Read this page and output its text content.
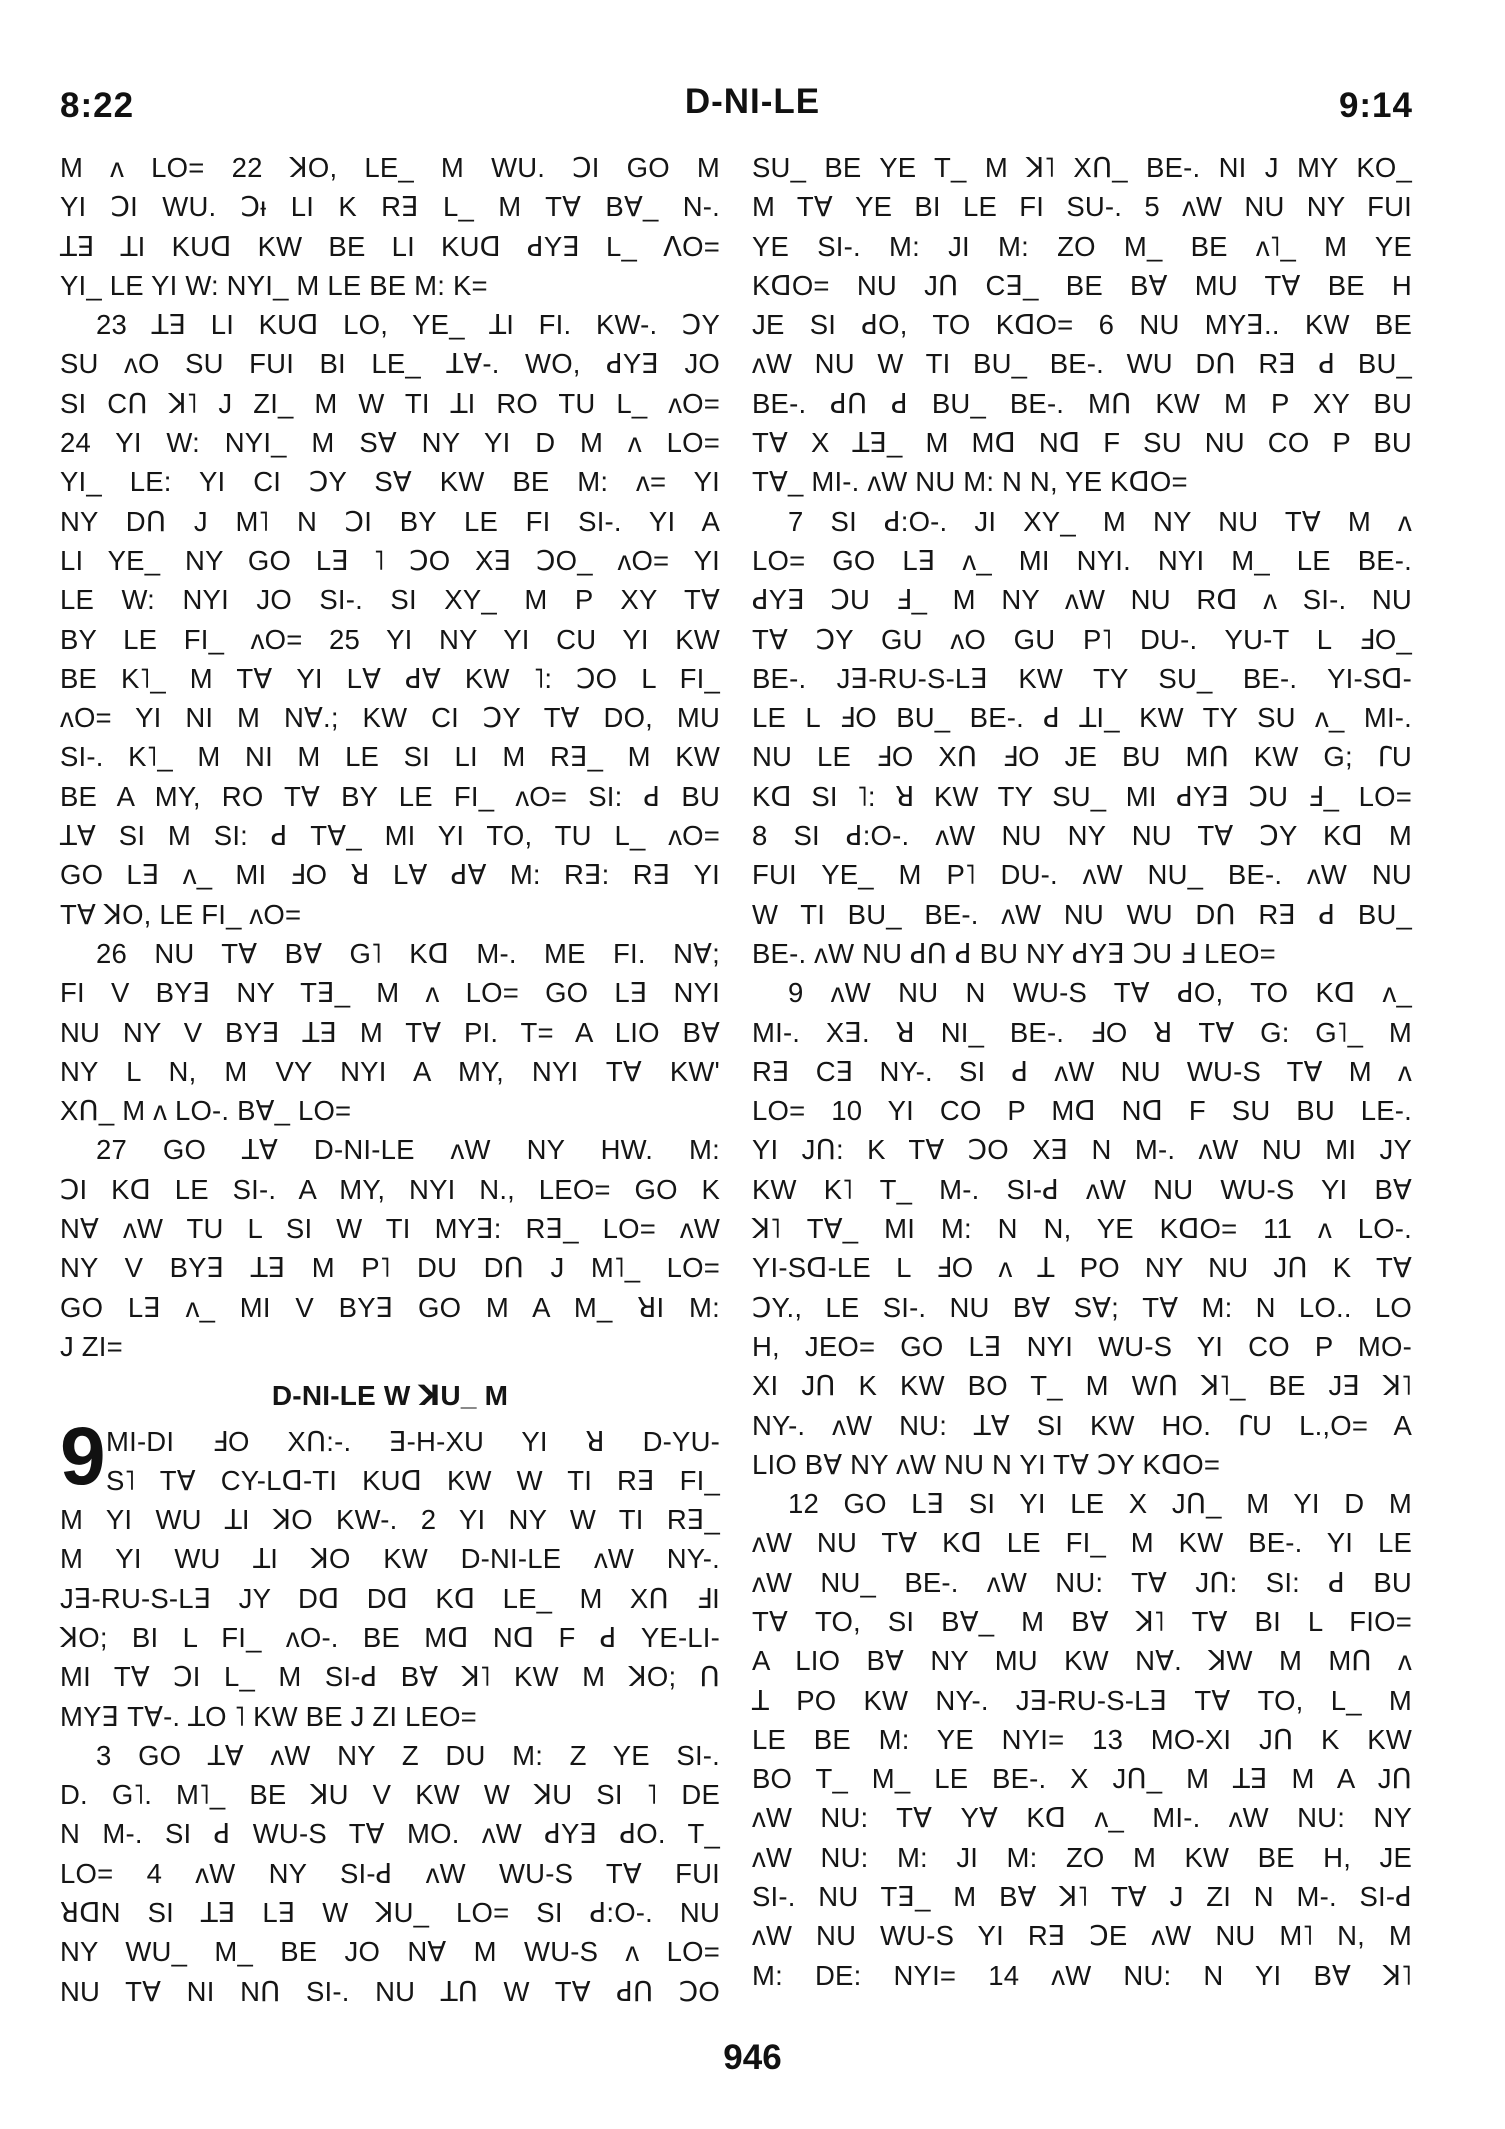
8:22	D-NI-LE	9:14
M ʌ LO= 22 ꓘO, LE_ M WU. ꓛI GO M
YI ꓛI WU. ꓛᵻ LI K Rꓱ L_ M Tꓯ Bꓯ_ N-.
ꓕꓱ ꓕI KUꓷ KW BE LI KUꓷ ꓒYꓱ L_ ꓥO=
YI_ LE YI W: NYI_ M LE BE M: K=
23 ꓕꓱ LI KUꓷ LO, YE_ ꓕI FI. KW-. ꓛY
SU ʌO SU FUI BI LE_ ꓕꓯ-. WO, ꓒYꓱ JO
SI Cꓵ ꓘ˥ J ZI_ M W TI ꓕI RO TU L_ ʌO=
24 YI W: NYI_ M Sꓯ NY YI D M ʌ LO=
YI_ LE: YI CI ꓛY Sꓯ KW BE M: ʌ= YI
NY Dꓵ J M˥ N ꓛI BY LE FI SI-. YI A
LI YE_ NY GO Lꓱ ˥ ꓛO Xꓱ ꓛO_ ʌO= YI
LE W: NYI JO SI-. SI XY_ M P XY Tꓯ
BY LE FI_ ʌO= 25 YI NY YI CU YI KW
BE K˥_ M Tꓯ YI Lꓯ ꓒꓯ KW ˥: ꓛO L FI_
ʌO= YI NI M Nꓯ.; KW CI ꓛY Tꓯ DO, MU
SI-. K˥_ M NI M LE SI LI M Rꓱ_ M KW
BE A MY, RO Tꓯ BY LE FI_ ʌO= SI: ꓒ BU
ꓕꓯ SI M SI: ꓒ Tꓯ_ MI YI TO, TU L_ ʌO=
GO Lꓱ ʌ_ MI ꓞO ꓤ Lꓯ ꓒꓯ M: Rꓱ: Rꓱ YI
Tꓯ ꓘO, LE FI_ ʌO=
26 NU Tꓯ Bꓯ G˥ Kꓷ M-. ME FI. Nꓯ;
FI V BYꓱ NY Tꓱ_ M ʌ LO= GO Lꓱ NYI
NU NY V BYꓱ ꓕꓱ M Tꓯ PI. T= A LIO Bꓯ
NY L N, M VY NYI A MY, NYI Tꓯ KW'
Xꓵ_ M ʌ LO-. Bꓯ_ LO=
27 GO ꓕꓯ D-NI-LE ʌW NY HW. M:
ꓛI Kꓷ LE SI-. A MY, NYI N., LEO= GO K
Nꓯ ʌW TU L SI W TI MYꓱ: Rꓱ_ LO= ʌW
NY V BYꓱ ꓕꓱ M P˥ DU Dꓵ J M˥_ LO=
GO Lꓱ ʌ_ MI V BYꓱ GO M A M_ ꓤI M:
J ZI=
D-NI-LE W ꓘU_ M
MI-DI ꓞO Xꓵ:-. ꓱ-H-XU YI ꓤ D-YU-
S˥ Tꓯ CY-Lꓷ-TI KUꓷ KW W TI Rꓱ FI_
M YI WU ꓕI ꓘO KW-. 2 YI NY W TI Rꓱ_
M YI WU ꓕI ꓘO KW D-NI-LE ʌW NY-.
Jꓱ-RU-S-Lꓱ JY Dꓷ Dꓷ Kꓷ LE_ M Xꓵ ꓞI
ꓘO; BI L FI_ ʌO-. BE Mꓷ Nꓷ F ꓒ YE-LI-
MI Tꓯ ꓛI L_ M SI-ꓒ Bꓯ ꓘ˥ KW M ꓘO; ꓵ
MYꓱ Tꓯ-. ꓕO ˥ KW BE J ZI LEO=
3 GO ꓕꓯ ʌW NY Z DU M: Z YE SI-.
D. G˥. M˥_ BE ꓘU V KW W ꓘU SI ˥ DE
N M-. SI ꓒ WU-S Tꓯ MO. ʌW ꓒYꓱ ꓒO. T_
LO= 4 ʌW NY SI-ꓒ ʌW WU-S Tꓯ FUI
ꓤꓷN SI ꓕꓱ Lꓱ W ꓘU_ LO= SI ꓒ:O-. NU
NY WU_ M_ BE JO Nꓯ M WU-S ʌ LO=
NU Tꓯ NI Nꓵ SI-. NU ꓕꓵ W Tꓯ ꓒꓵ ꓛO
SU_ BE YE T_ M ꓘ˥ Xꓵ_ BE-. NI J MY KO_
M Tꓯ YE BI LE FI SU-. 5 ʌW NU NY FUI
YE SI-. M: JI M: ZO M_ BE ʌ˥_ M YE
KꓷO= NU Jꓵ Cꓱ_ BE Bꓯ MU Tꓯ BE H
JE SI ꓒO, TO KꓷO= 6 NU MYꓱ.. KW BE
ʌW NU W TI BU_ BE-. WU Dꓵ Rꓱ ꓒ BU_
BE-. ꓒꓵ ꓒ BU_ BE-. Mꓵ KW M P XY BU
Tꓯ X ꓕꓱ_ M Mꓷ Nꓷ F SU NU CO P BU
Tꓯ_ MI-. ʌW NU M: N N, YE KꓷO=
7 SI ꓒ:O-. JI XY_ M NY NU Tꓯ M ʌ
LO= GO Lꓱ ʌ_ MI NYI. NYI M_ LE BE-.
ꓒYꓱ ꓛU ꓞ_ M NY ʌW NU Rꓷ ʌ SI-. NU
Tꓯ ꓛY GU ʌO GU P˥ DU-. YU-T L ꓞO_
BE-. Jꓱ-RU-S-Lꓱ KW TY SU_ BE-. YI-Sꓷ-
LE L ꓞO BU_ BE-. ꓒ ꓕI_ KW TY SU ʌ_ MI-.
NU LE ꓞO Xꓵ ꓞO JE BU Mꓵ KW G; ꓩU
Kꓷ SI ˥: ꓤ KW TY SU_ MI ꓒYꓱ ꓛU ꓞ_ LO=
8 SI ꓒ:O-. ʌW NU NY NU Tꓯ ꓛY Kꓷ M
FUI YE_ M P˥ DU-. ʌW NU_ BE-. ʌW NU
W TI BU_ BE-. ʌW NU WU Dꓵ Rꓱ ꓒ BU_
BE-. ʌW NU ꓒꓵ ꓒ BU NY ꓒYꓱ ꓛU ꓞ LEO=
9 ʌW NU N WU-S Tꓯ ꓒO, TO Kꓷ ʌ_
MI-. Xꓱ. ꓤ NI_ BE-. ꓞO ꓤ Tꓯ G: G˥_ M
Rꓱ Cꓱ NY-. SI ꓒ ʌW NU WU-S Tꓯ M ʌ
LO= 10 YI CO P Mꓷ Nꓷ F SU BU LE-.
YI Jꓵ: K Tꓯ ꓛO Xꓱ N M-. ʌW NU MI JY
KW K˥ T_ M-. SI-ꓒ ʌW NU WU-S YI Bꓯ
ꓘ˥ Tꓯ_ MI M: N N, YE KꓷO= 11 ʌ LO-.
YI-Sꓷ-LE L ꓞO ʌ ꓕ PO NY NU Jꓵ K Tꓯ
ꓛY., LE SI-. NU Bꓯ Sꓯ; Tꓯ M: N LO.. LO
H, JEO= GO Lꓱ NYI WU-S YI CO P MO-
XI Jꓵ K KW BO T_ M Wꓵ ꓘ˥_ BE Jꓱ ꓘ˥
NY-. ʌW NU: ꓕꓯ SI KW HO. ꓩU L.,O= A
LIO Bꓯ NY ʌW NU N YI Tꓯ ꓛY KꓷO=
12 GO Lꓱ SI YI LE X Jꓵ_ M YI D M
ʌW NU Tꓯ Kꓷ LE FI_ M KW BE-. YI LE
ʌW NU_ BE-. ʌW NU: Tꓯ Jꓵ: SI: ꓒ BU
Tꓯ TO, SI Bꓯ_ M Bꓯ ꓘ˥ Tꓯ BI L FIO=
A LIO Bꓯ NY MU KW Nꓯ. ꓘW M Mꓵ ʌ
ꓕ PO KW NY-. Jꓱ-RU-S-Lꓱ Tꓯ TO, L_ M
LE BE M: YE NYI= 13 MO-XI Jꓵ K KW
BO T_ M_ LE BE-. X Jꓵ_ M ꓕꓱ M A Jꓵ
ʌW NU: Tꓯ Yꓯ Kꓷ ʌ_ MI-. ʌW NU: NY
ʌW NU: M: JI M: ZO M KW BE H, JE
SI-. NU Tꓱ_ M Bꓯ ꓘ˥ Tꓯ J ZI N M-. SI-ꓒ
ʌW NU WU-S YI Rꓱ ꓛE ʌW NU M˥ N, M
M: DE: NYI= 14 ʌW NU: N YI Bꓯ ꓘ˥
9
946
